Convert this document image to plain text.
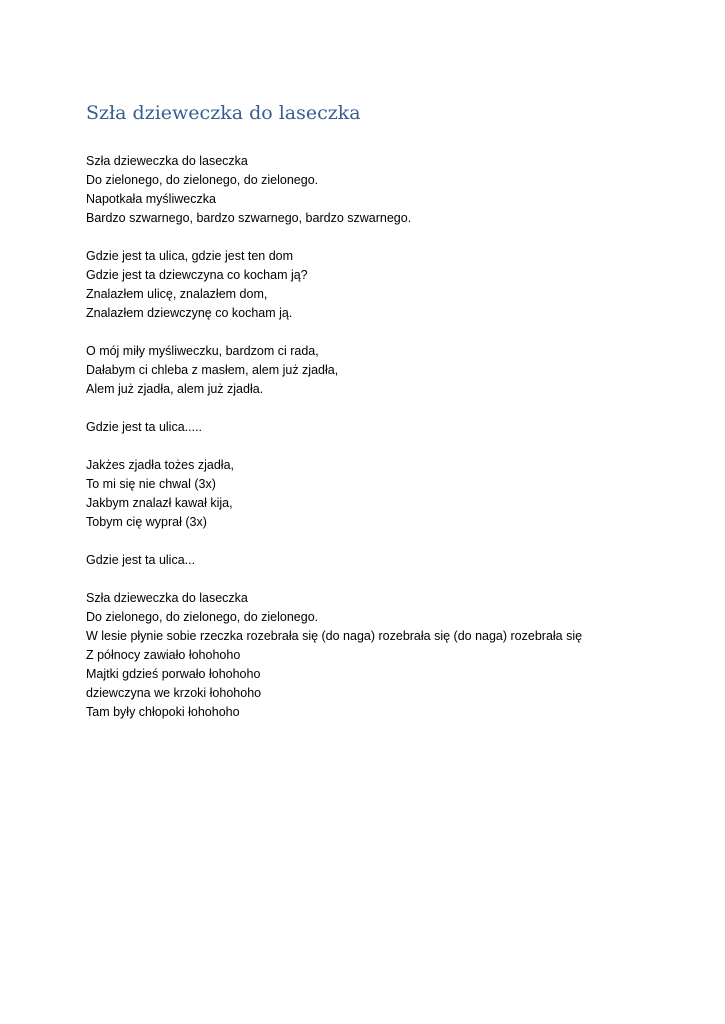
Szła dzieweczka do laseczka
Szła dzieweczka do laseczka
Do zielonego, do zielonego, do zielonego.
Napotkała myśliweczka
Bardzo szwarnego, bardzo szwarnego, bardzo szwarnego.
Gdzie jest ta ulica, gdzie jest ten dom
Gdzie jest ta dziewczyna co kocham ją?
Znalazłem ulicę, znalazłem dom,
Znalazłem dziewczynę co kocham ją.
O mój miły myśliweczku, bardzom ci rada,
Dałabym ci chleba z masłem, alem już zjadła,
Alem już zjadła, alem już zjadła.
Gdzie jest ta ulica.....
Jakżes zjadła tożes zjadła,
To mi się nie chwal (3x)
Jakbym znalazł kawał kija,
Tobym cię wyprał (3x)
Gdzie jest ta ulica...
Szła dzieweczka do laseczka
Do zielonego, do zielonego, do zielonego.
W lesie płynie sobie rzeczka rozebrała się (do naga) rozebrała się (do naga) rozebrała się
Z północy zawiało łohohoho
Majtki gdzieś porwało łohohoho
dziewczyna we krzoki łohohoho
Tam były chłopoki łohohoho
